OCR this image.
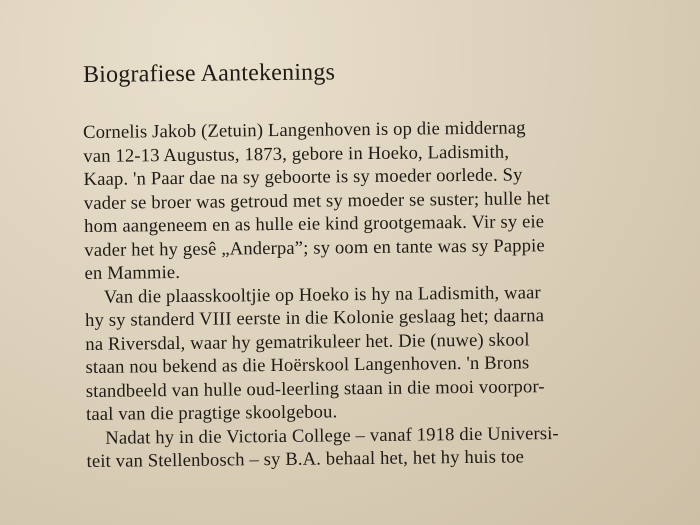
Biografiese Aantekenings
Cornelis Jakob (Zetuin) Langenhoven is op die middernag
van 12-13 Augustus, 1873, gebore in Hoeko, Ladismith,
Kaap. 'n Paar dae na sy geboorte is sy moeder oorlede. Sy
vader se broer was getroud met sy moeder se suster; hulle het
hom aangeneem en as hulle eie kind grootgemaak. Vir sy eie
vader het hy gesê „Anderpa”; sy oom en tante was sy Pappie
en Mammie.
Van die plaasskooltjie op Hoeko is hy na Ladismith, waar
hy sy standerd VIII eerste in die Kolonie geslaag het; daarna
na Riversdal, waar hy gematrikuleer het. Die (nuwe) skool
staan nou bekend as die Hoërskool Langenhoven. 'n Brons
standbeeld van hulle oud-leerling staan in die mooi voorpor-
taal van die pragtige skoolgebou.
Nadat hy in die Victoria College – vanaf 1918 die Universi-
teit van Stellenbosch – sy B.A. behaal het, het hy huis toe
